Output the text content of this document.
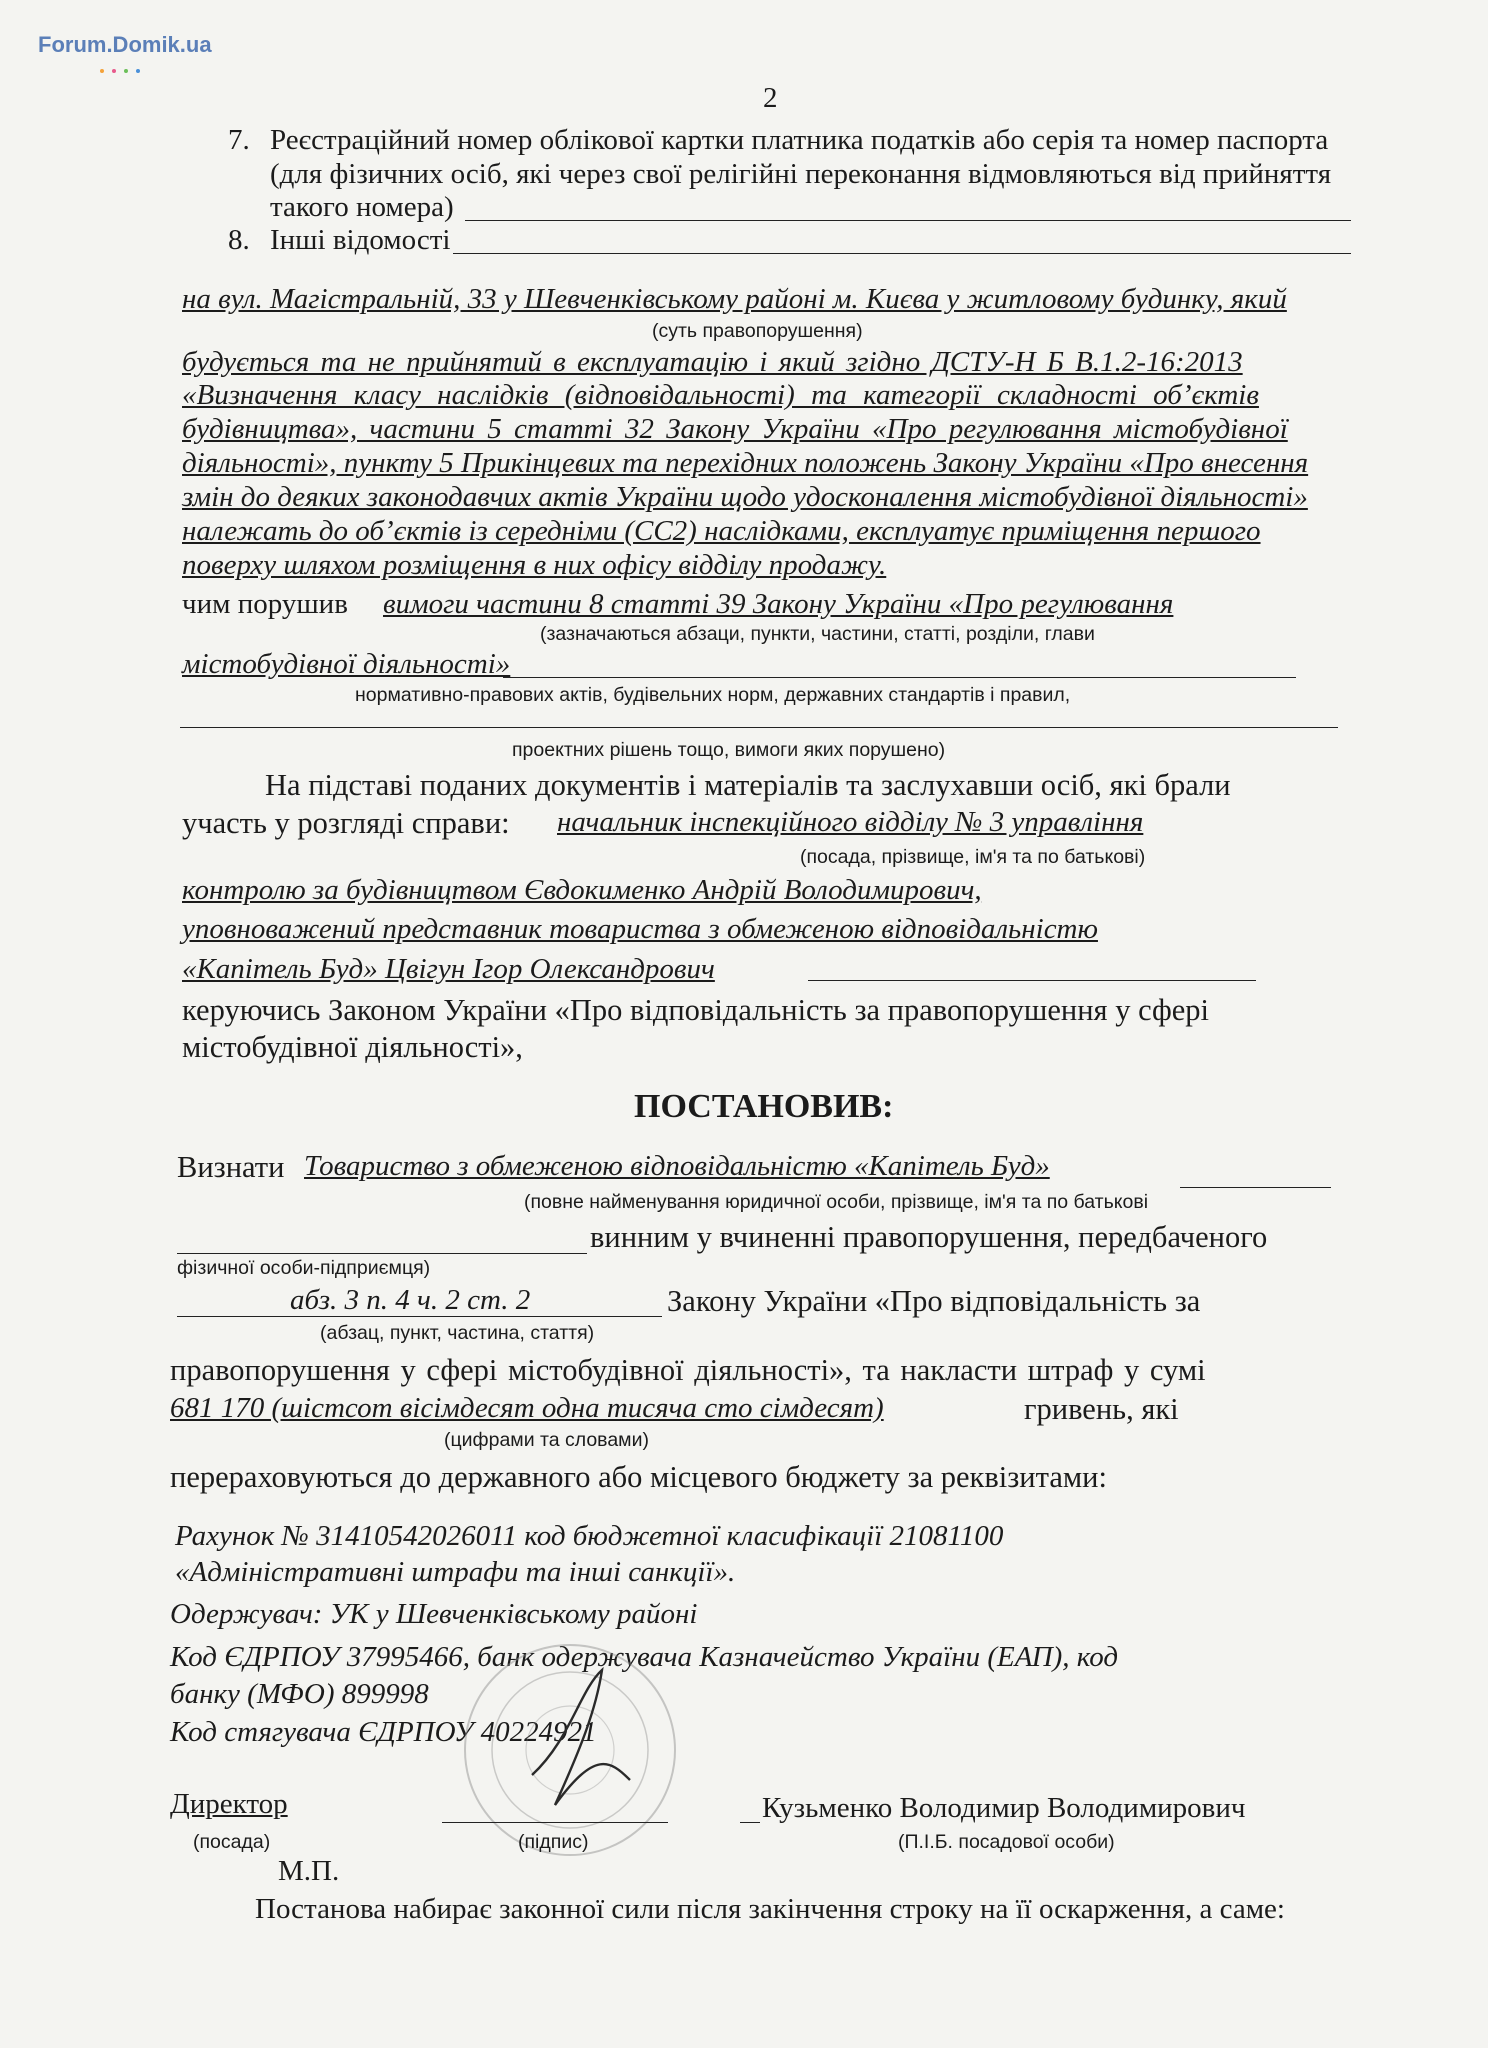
Forum.Domik.ua
2
7. Реєстраційний номер облікової картки платника податків або серія та номер паспорта
(для фізичних осіб, які через свої релігійні переконання відмовляються від прийняття
такого номера)
8. Інші відомості
на вул. Магістральній, 33 у Шевченківському районі м. Києва у житловому будинку, який
(суть правопорушення)
будується та не прийнятий в експлуатацію і який згідно ДСТУ-Н Б В.1.2-16:2013
«Визначення класу наслідків (відповідальності) та категорії складності об’єктів
будівництва», частини 5 статті 32 Закону України «Про регулювання містобудівної
діяльності», пункту 5 Прикінцевих та перехідних положень Закону України «Про внесення
змін до деяких законодавчих актів України щодо удосконалення містобудівної діяльності»
належать до об’єктів із середніми (СС2) наслідками, експлуатує приміщення першого
поверху шляхом розміщення в них офісу відділу продажу.
чим порушив вимоги частини 8 статті 39 Закону України «Про регулювання
(зазначаються абзаци, пункти, частини, статті, розділи, глави
містобудівної діяльності»
нормативно-правових актів, будівельних норм, державних стандартів і правил,
проектних рішень тощо, вимоги яких порушено)
На підставі поданих документів і матеріалів та заслухавши осіб, які брали
участь у розгляді справи: начальник інспекційного відділу № 3 управління
(посада, прізвище, ім'я та по батькові)
контролю за будівництвом Євдокименко Андрій Володимирович,
уповноважений представник товариства з обмеженою відповідальністю
«Капітель Буд» Цвігун Ігор Олександрович
керуючись Законом України «Про відповідальність за правопорушення у сфері
містобудівної діяльності»,
ПОСТАНОВИВ:
Визнати Товариство з обмеженою відповідальністю «Капітель Буд»
(повне найменування юридичної особи, прізвище, ім'я та по батькові
винним у вчиненні правопорушення, передбаченого
фізичної особи-підприємця)
абз. 3 п. 4 ч. 2 ст. 2	Закону України «Про відповідальність за
(абзац, пункт, частина, стаття)
правопорушення у сфері містобудівної діяльності», та накласти штраф у сумі
681 170 (шістсот вісімдесят одна тисяча сто сімдесят)	гривень, які
(цифрами та словами)
перераховуються до державного або місцевого бюджету за реквізитами:
Рахунок № 31410542026011 код бюджетної класифікації 21081100
«Адміністративні штрафи та інші санкції».
Одержувач: УК у Шевченківському районі
Код ЄДРПОУ 37995466, банк одержувача Казначейство України (ЕАП), код
банку (МФО) 899998
Код стягувача ЄДРПОУ 40224921
Директор
(посада)	(підпис)
Кузьменко Володимир Володимирович
(П.І.Б. посадової особи)
М.П.
Постанова набирає законної сили після закінчення строку на її оскарження, а саме:
